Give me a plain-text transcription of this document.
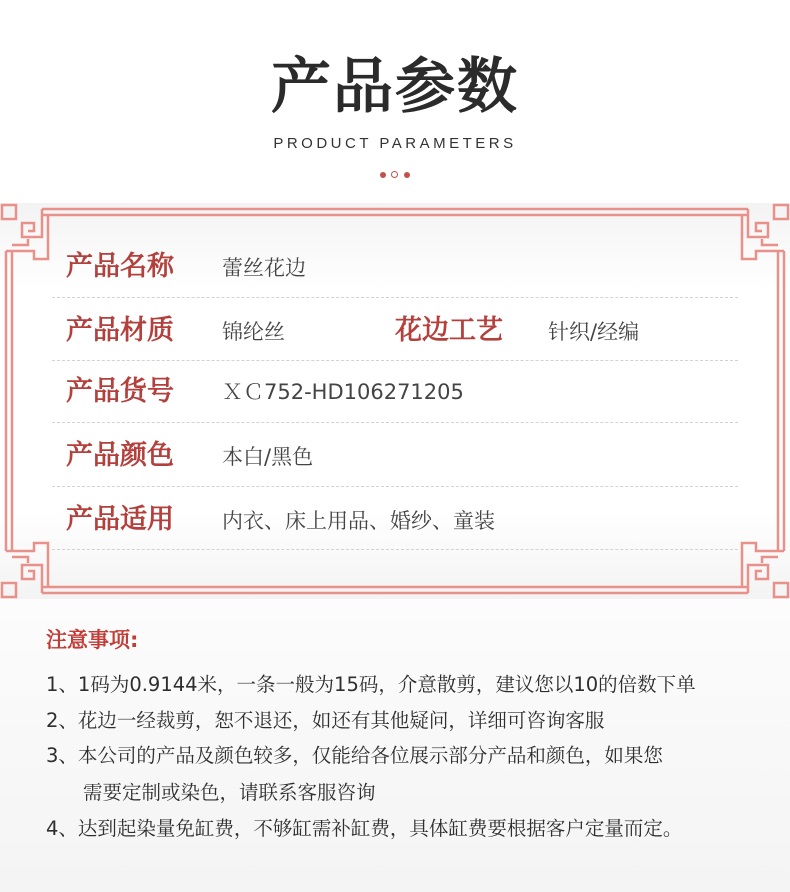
产品参数
PRODUCT PARAMETERS
产品名称 蕾丝花边
产品材质 锦纶丝	花边工艺 针织/经编
产品货号 ＸＣ752-HD106271205
产品颜色 本白/黑色
产品适用 内衣、床上用品、婚纱、童装
注意事项:
1、1码为0.9144米，一条一般为15码，介意散剪，建议您以10的倍数下单
2、花边一经裁剪，恕不退还，如还有其他疑问，详细可咨询客服
3、本公司的产品及颜色较多，仅能给各位展示部分产品和颜色，如果您
需要定制或染色，请联系客服咨询
4、达到起染量免缸费，不够缸需补缸费，具体缸费要根据客户定量而定。
